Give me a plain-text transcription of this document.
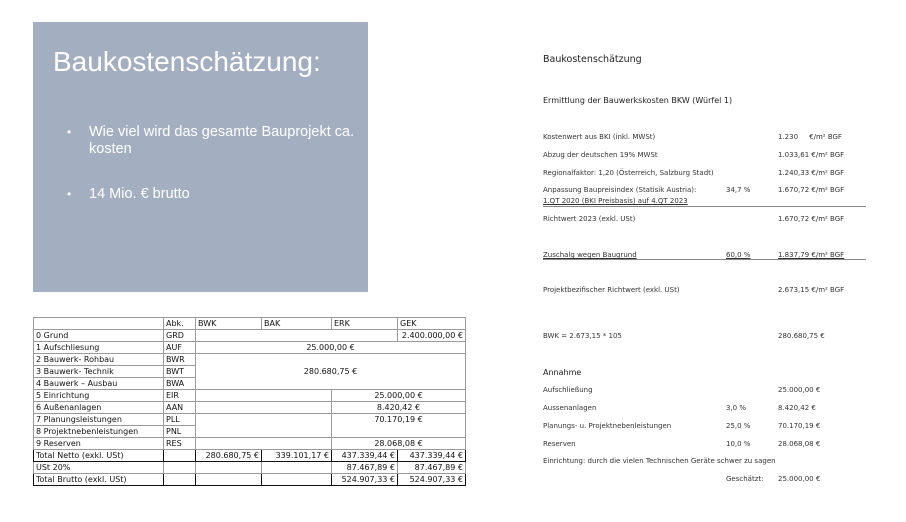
Baukostenschätzung:
• Wie viel wird das gesamte Bauprojekt ca. kosten
• 14 Mio. € brutto
	Abk.	BWK	BAK	ERK	GEK
0 Grund	GRD				2.400.000,00 €
1 Aufschliesung	AUF	25.000,00 €			
2 Bauwerk- Rohbau	BWR	280.680,75 €			
3 Bauwerk- Technik	BWT				
4 Bauwerk – Ausbau	BWA				
5 Einrichtung	EIR			25.000,00 €	
6 Außenanlagen	AAN			8.420,42 €	
7 Planungsleistungen	PLL			70.170,19 €	
8 Projektnebenleistungen	PNL				
9 Reserven	RES			28.068,08 €	
Total Netto (exkl. USt)		280.680,75 €	339.101,17 €	437.339,44 €	437.339,44 €
USt 20%				87.467,89 €	87.467,89 €
Total Brutto (exkl. USt)				524.907,33 €	524.907,33 €
Baukostenschätzung
Ermittlung der Bauwerkskosten BKW (Würfel 1)
Kostenwert aus BKI (inkl. MWSt)	1.230     €/m² BGF
Abzug der deutschen 19% MWSt	1.033,61 €/m² BGF
Regionalfaktor: 1,20 (Österreich, Salzburg Stadt)	1.240,33 €/m² BGF
Anpassung Baupreisindex (Statisik Austria):	34,7 %	1.670,72 €/m² BGF
1.QT 2020 (BKI Preisbasis) auf 4.QT 2023
Richtwert 2023 (exkl. USt)	1.670,72 €/m² BGF
Zuschalg wegen Baugrund	60,0 %	1.837,79 €/m² BGF
Projektbezifischer Richtwert (exkl. USt)	2.673,15 €/m² BGF
BWK = 2.673,15 * 105	280.680,75 €
Annahme
Aufschließung	25.000,00 €
Aussenanlagen	3,0 %	8.420,42 €
Planungs- u. Projektnebenleistungen	25,0 %	70.170,19 €
Reserven	10,0 %	28.068,08 €
Einrichtung: durch die vielen Technischen Geräte schwer zu sagen
Geschätzt: 25.000,00 €
